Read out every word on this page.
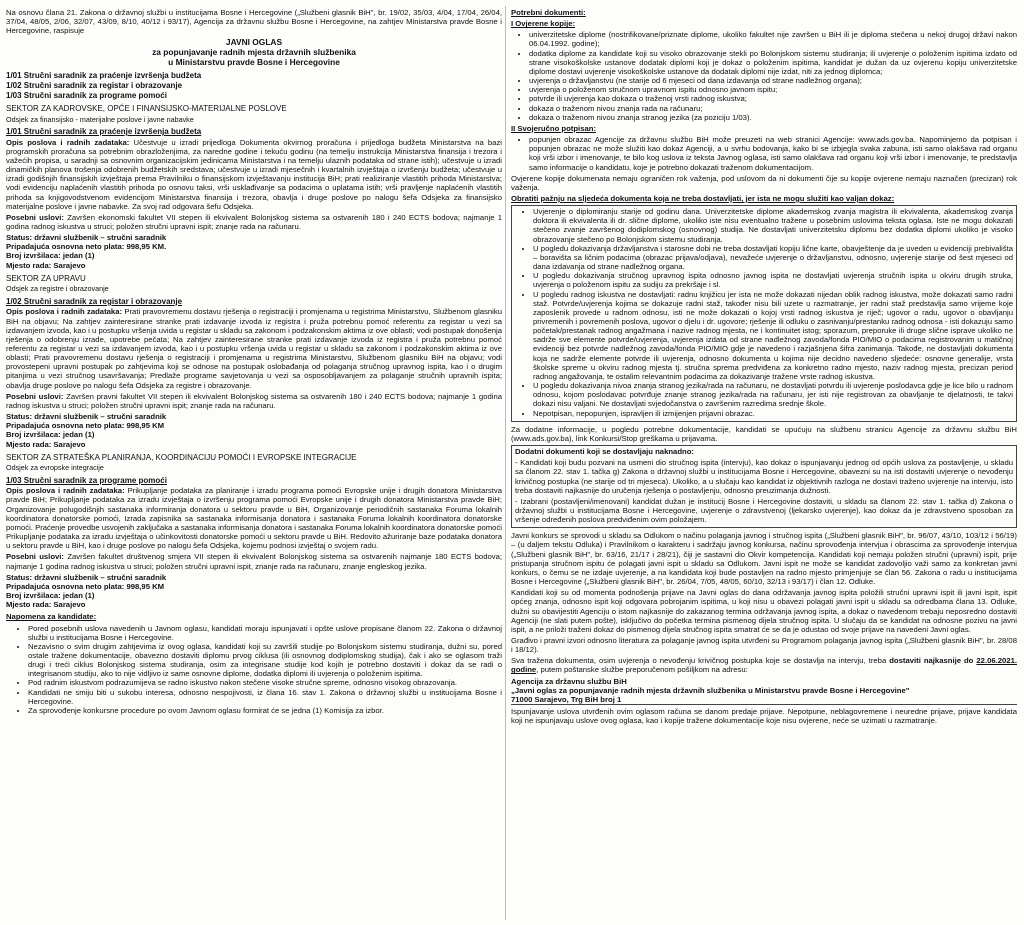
Na osnovu člana 21. Zakona o državnoj službi u institucijama Bosne i Hercegovine („Službeni glasnik BiH", br. 19/02, 35/03, 4/04, 17/04, 26/04, 37/04, 48/05, 2/06, 32/07, 43/09, 8/10, 40/12 i 93/17), Agencija za državnu službu Bosne i Hercegovine, na zahtjev Ministarstva pravde Bosne i Hercegovine, raspisuje

JAVNI OGLAS
za popunjavanje radnih mjesta državnih službenika
u Ministarstvu pravde Bosne i Hercegovine

1/01 Stručni saradnik za praćenje izvršenja budžeta

1/02 Stručni saradnik za registar i obrazovanje

1/03 Stručni saradnik za programe pomoći

SEKTOR ZA KADROVSKE, OPĆE I FINANSIJSKO-MATERIJALNE POSLOVE

Odsjek za finansijsko - materijalne poslove i javne nabavke

1/01 Stručni saradnik za praćenje izvršenja budžeta

Opis poslova i radnih zadataka: Učestvuje u izradi prijedloga Dokumenta okvirnog proračuna i prijedloga budžeta Ministarstva na bazi programskih proračuna sa potrebnim obrazloženjima, za naredne godine i tekuću godinu (na temelju instrukcija Ministarstva finansija i trezora i važećih propisa, u saradnji sa osnovnim organizacijskim jedinicama Ministarstva i na temelju ulaznih podataka od strane istih); učestvuje u izradi dinamičkih planova trošenja odobrenih budžetskih sredstava; učestvuje u izradi mjesečnih i kvartalnih izvještaja o izvršenju budžeta; učestvuje u izradi godišnjih finansijskih izvještaja prema Pravilniku o finansijskom izvještavanju institucija BiH; prati realiziranje vlastitih prihoda Ministarstva; vodi evidenciju naplaćenih vlastitih prihoda po osnovu taksi, vrši usklađivanje sa podacima o uplatama istih; vrši pravljenje naplaćenih vlastitih prihoda sa knjigovodstvenom evidencijom Ministarstva finansija i trezora, obavlja i druge poslove po nalogu šefa Odsjeka za finansijsko materijalne poslove i javne nabavke. Za svoj rad odgovara šefu Odsjeka.

Posebni uslovi: Završen ekonomski fakultet VII stepen ili ekvivalent Bolonjskog sistema sa ostvarenih 180 i 240 ECTS bodova; najmanje 1 godina radnog iskustva u struci; položen stručni upravni ispit; znanje rada na računaru.

Status: državni službenik – stručni saradnik

Pripadajuća osnovna neto plata: 998,95 KM.

Broj izvršilaca: jedan (1)

Mjesto rada: Sarajevo

SEKTOR ZA UPRAVU

Odsjek za registre i obrazovanje

1/02 Stručni saradnik za registar i obrazovanje

Opis poslova i radnih zadataka: Prati pravovremenu dostavu rješenja o registraciji i promjenama u registrima Ministarstvu, Službenom glasniku BiH na objavu; Na zahtjev zainteresirane stranke prati izdavanje izvoda iz registra i pruža potrebnu pomoć referentu za registar u vezi sa izdavanjem izvoda, kao i u postupku vršenja uvida u registar u skladu sa zakonom i podzakonskim aktima iz ove oblasti; vodi postupak donošenja rješenja o odobrenju izrade, upotrebe pečata; Na zahtjev zainteresirane stranke prati izdavanje izvoda iz registra i pruža potrebnu pomoć referentu za registar u vezi sa izdavanjem izvoda, kao i u postupku vršenja uvida u registar u skladu sa zakonom i podzakonskim aktima iz ove oblasti; Prati pravovremenu dostavu rješenja o registraciji i promjenama u registrima Ministarstvu, Službenom glasniku BiH na objavu; vodi provostepeni upravni postupak po zahtjevima koji se odnose na postupak oslobađanja od polaganja stručnog upravnog ispita, kao i o drugim pitanjima u vezi stručnog usavršavanja; Predlaže programe savjetovanja u vezi sa osposobljavanjem za polaganje stručnih upravnih ispita; obavlja druge poslove po nalogu šefa Odsjeka za registre i obrazovanje.

Posebni uslovi: Završen pravni fakultet VII stepen ili ekvivalent Bolonjskog sistema sa ostvarenih 180 i 240 ECTS bodova; najmanje 1 godina radnog iskustva u struci; položen stručni upravni ispit; znanje rada na računaru.

Status: državni službenik – stručni saradnik

Pripadajuća osnovna neto plata: 998,95 KM

Broj izvršilaca: jedan (1)

Mjesto rada: Sarajevo

SEKTOR ZA STRATEŠKA PLANIRANJA, KOORDINACIJU POMOĆI I EVROPSKE INTEGRACIJE

Odsjek za evropske integracije

1/03 Stručni saradnik za programe pomoći

Opis poslova i radnih zadataka: Prikupljanje podataka za planiranje i izradu programa pomoći Evropske unije i drugih donatora Ministarstva pravde BiH; Prikupljanje podataka za izradu izvještaja o izvršenju programa pomoći Evropske unije i drugih donatora Ministarstva pravde BiH; Organizovanje polugodišnjih sastanaka informiranja donatora u sektoru pravde u BiH, Organizovanje periodičnih sastanaka Foruma lokalnih koordinatora donatorske pomoći, Izrada zapisnika sa sastanaka informisanja donatora i sastanaka Foruma lokalnih koordinatora donatorske pomoći. Praćenje provedbe usvojenih zaključaka a sastanaka informisanja donatora i sastanaka Foruma lokalnih koordinatora donatorske pomoći Prikupljanje podataka za izradu izvještaja o učinkovitosti donatorske pomoći u sektoru pravde u BiH. Redovito ažuriranje baze podataka donatora u sektoru pravde u BiH, kao i druge poslove po nalogu šefa Odsjeka, kojemu podnosi izvještaj o svojem radu.

Posebni uslovi: Završen fakultet društvenog smjera VII stepen ili ekvivalent Bolonjskog sistema sa ostvarenih najmanje 180 ECTS bodova; najmanje 1 godina radnog iskustva u struci; položen stručni upravni ispit, znanje rada na računaru, znanje engleskog jezika.

Status: državni službenik – stručni saradnik

Pripadajuća osnovna neto plata: 998,95 KM

Broj izvršilaca: jedan (1)

Mjesto rada: Sarajevo

Napomena za kandidate:

• Pored posebnih uslova navedenih u Javnom oglasu, kandidati moraju ispunjavati i opšte uslove propisane članom 22. Zakona o državnoj službi u institucijama Bosne i Hercegovine.
• Nezavisno o svim drugim zahtjevima iz ovog oglasa, kandidati koji su završili studije po Bolonjskom sistemu studiranja, dužni su, pored ostale tražene dokumentacije, obavezno dostaviti diplomu prvog ciklusa (ili osnovnog dodiplomskog studija), čak i ako se oglasom traži drugi i treći ciklus Bolonjskog sistema studiranja, osim za integrisane studije kod kojih je potrebno dostaviti i dokaz da se radi o integrisanom studiju, ako to nije vidljivo iz same osnovne diplome, dodatka diplomi ili uvjerenja o položenim ispitima.
• Pod radnim iskustvom podrazumijeva se radno iskustvo nakon stečene visoke stručne spreme, odnosno visokog obrazovanja.
• Kandidati ne smiju biti u sukobu interesa, odnosno nespojivosti, iz člana 16. stav 1. Zakona o državnoj službi u institucijama Bosne i Hercegovine.
• Za sprovođenje konkursne procedure po ovom Javnom oglasu formirat će se jedna (1) Komisija za izbor.

Potrebni dokumenti:

I Ovjerene kopije:

• univerzitetske diplome (nostrifikovane/priznate diplome, ukoliko fakultet nije završen u BiH ili je diploma stečena u nekoj drugoj državi nakon 06.04.1992. godine);
• dodatka diplome za kandidate koji su visoko obrazovanje stekli po Bolonjskom sistemu studiranja; ili uvjerenje o položenim ispitima izdato od strane visokoškolske ustanove dodatak diplomi koji je dokaz o položenim ispitima, kandidat je dužan da uz ovjerenu kopiju univerzitetske diplome dostavi uvjerenje visokoškolske ustanove da dodatak diplomi nije izdat, niti za jednog diplomca;
• uvjerenja o državljanstvu (ne starije od 6 mjeseci od dana izdavanja od strane nadležnog organa);
• uvjerenja o položenom stručnom upravnom ispitu odnosno javnom ispitu;
• potvrde ili uvjerenja kao dokaza o traženoj vrsti radnog iskustva;
• dokaza o traženom nivou znanja rada na računaru;
• dokaza o traženom nivou znanja stranog jezika (za poziciju 1/03).

II Svojeručno potpisan:

• popunjen obrazac Agencije za državnu službu BiH može preuzeti na web stranici Agencije: www.ads.gov.ba. Napominjemo da potpisan i popunjen obrazac ne može služiti kao dokaz Agenciji, a u svrhu bodovanja, kako bi se izbjegla svaka zabuna, isti samo olakšava rad organu koji vrši izbor i imenovanje, te bilo kog uslova iz teksta Javnog oglasa, isti samo olakšava rad organu koji vrši izbor i imenovanje, te predstavlja samo informacije o kandidatu, koje je potrebno dokazati traženom dokumentacijom.

Ovjerene kopije dokumenata nemaju ograničen rok važenja, pod uslovom da ni dokumenti čije su kopije ovjerene nemaju naznačen (precizan) rok važenja.

Obratiti pažnju na sljedeća dokumenta koja ne treba dostavljati, jer ista ne mogu služiti kao valjan dokaz:

• Uvjerenje o diplomiranju starije od godinu dana. Univerzitetske diplome akademskog zvanja magistra ili ekvivalenta, akademskog zvanja doktora ili ekvivalenta ili dr. slične diplome, ukoliko iste nisu eventualno tražene u posebnim uslovima teksta oglasa. Iste ne mogu dokazati stečeno zvanje završenog dodiplomskog (osnovnog) studija. Ne dostavljati univerzitetsku diplomu bez dodatka diplomi ukoliko je visoko obrazovanje stečeno po Bolonjskom sistemu studiranja.
• U pogledu dokazivanja državljanstva i starosne dobi ne treba dostavljati kopiju lične karte, obavještenje da je uveden u evidenciji prebivališta – boravišta sa ličnim podacima (obrazac prijava/odjava), nevažeće uvjerenje o državljanstvu, odnosno, uvjerenje starije od šest mjeseci od dana izdavanja od strane nadležnog organa.
• U pogledu dokazivanja stručnog upravnog ispita odnosno javnog ispita ne dostavljati uvjerenja stručnih ispita u okviru drugih struka, uvjerenja o položenom ispitu za sudiju za prekršaje i sl.
• U pogledu radnog iskustva ne dostavljati: radnu knjižicu jer ista ne može dokazati nijedan oblik radnog iskustva, može dokazati samo radni staž. Potvrde/uvjerenja kojima se dokazuje radni staž, također nisu bili uzete u razmatranje, jer radni staž predstavlja samo vrijeme koje zaposlenik provede u radnom odnosu, isti ne može dokazati o kojoj vrsti radnog iskustva je riječ; ugovor o radu, ugovor o obavljanju privremenih i povremenih poslova, ugovor o djelu i dr. ugovore; rješenje ili odluku o zasnivanju/prestanku radnog odnosa - isti dokazuju samo početak/prestanak radnog angažmana i nazive radnog mjesta, ne i kontinuitet istog; sporazum, preporuke ili druge slične isprave ukoliko ne sadrže sve elemente potvrde/uvjerenja, uvjerenja izdata od strane nadležnog zavoda/fonda PIO/MIO o podacima registrovanim u matičnoj evidenciji bez potvrde nadležnog zavoda/fonda PIO/MIO gdje je navedeno i razjašnjena šifra zanimanja. Takođe, ne dostavljati dokumenta koja ne sadrže elemente potvrde ili uvjerenja, odnosno dokumenta u kojima nije decidno navedeno sljedeće: osnovne generalije, vrsta školske spreme u okviru radnog mjesta tj. stručna sprema predviđena za konkretno radno mjesto, naziv radnog mjesta, precizan period radnog angažovanja, te ostalim relevantnim podacima za dokazivanje tražene vrste radnog iskustva.
• U pogledu dokazivanja nivoa znanja stranog jezika/rada na računaru, ne dostavljati potvrdu ili uvjerenje poslodavca gdje je lice bilo u radnom odnosu, kojom poslodavac potvrđuje znanje stranog jezika/rada na računaru, jer isti nije registrovan za obavljanje te djelatnosti, te takvi dokazi nisu valjani. Ne dostavljati svjedočanstva o završenim razredima srednje škole.
• Nepotpisan, nepopunjen, ispravljen ili izmijenjen prijavni obrazac.

Za dodatne informacije, u pogledu potrebne dokumentacije, kandidati se upućuju na službenu stranicu Agencije za državnu službu BiH (www.ads.gov.ba), link Konkursi/Stop greškama u prijavama.

Dodatni dokumenti koji se dostavljaju naknadno:

- Kandidati koji budu pozvani na usmeni dio stručnog ispita (intervju), kao dokaz o ispunjavanju jednog od općih uslova za postavljenje, u skladu sa članom 22. stav 1. tačka g) Zakona o državnoj službi u institucijama Bosne i Hercegovine, obavezni su na isti dostaviti uvjerenje o nevođenju krivičnog postupka (ne starije od tri mjeseca). Ukoliko, a u slučaju kao kandidat iz objektivnih razloga ne dostavi traženo uvjerenje na intervju, isto treba dostaviti najkasnije do uručenja rješenja o postavljenju, odnosno preuzimanja dužnosti.

- Izabrani (postavljeni/imenovani) kandidat dužan je institucij Bosne i Hercegovine dostaviti, u skladu sa članom 22. stav 1. tačka d) Zakona o državnoj službi u institucijama Bosne i Hercegovine, uvjerenje o zdravstvenoj (ljekarsko uvjerenje), kao dokaz da je zdravstveno sposoban za vršenje određenih poslova predviđenim ovim položajem.

Javni konkurs se sprovodi u skladu sa Odlukom o načinu polaganja javnog i stručnog ispita („Službeni glasnik BiH", br. 96/07, 43/10, 103/12 i 56/19) – (u daljem tekstu Odluka) i Pravilnikom o karakteru i sadržaju javnog konkursa, načinu sprovođenja intervjua i obrascima za sprovođenje intervjua („Službeni glasnik BiH", br. 63/16, 21/17 i 28/21), čiji je sastavni dio Okvir kompetencija. Kandidati koji nemaju položen stručni (upravni) ispit, prije pristupanja stručnom ispitu će polagati javni ispit u skladu sa Odlukom. Javni ispit ne može se kandidat zadovoljio važi samo za konkretan javni konkurs, o čemu se ne izdaje uvjerenje, a na kandidata koji bude postavljen na radno mjesto primjenjuje se član 56. Zakona o radu u institucijama Bosne i Hercegovine („Službeni glasnik BiH", br. 26/04, 7/05, 48/05, 60/10, 32/13 i 93/17) i član 12. Odluke.

Kandidati koji su od momenta podnošenja prijave na Javni oglas do dana održavanja javnog ispita položili stručni upravni ispit ili javni ispit, ispit općeg znanja, odnosno ispit koji odgovara pobrojanim ispitima, u koji nisu u obavezi polagati javni ispit u skladu sa odredbama člana 13. Odluke, dužni su obavijestiti Agenciju o istom najkasnije do zakazanog termina održavanja javnog ispita, a dokaz o navedenom trebaju neposredno dostaviti Agenciji (ne slati putem pošte), isključivo do početka termina pismenog dijela stručnog ispita. U slučaju da se kandidat na odnosne pozivu na javni ispit, a ne priloži traženi dokaz do pismenog dijela stručnog ispita smatrat će se da je odustao od svoje prijave na navedeni Javni oglas.

Građivo i pravni izvori odnosno literatura za polaganje javnog ispita utvrđeni su Programom polaganja javnog ispita („Službeni glasnik BiH", br. 28/08 i 18/12).

Sva tražena dokumenta, osim uvjerenja o nevođenju krivičnog postupka koje se dostavlja na intervju, treba dostaviti najkasnije do 22.06.2021. godine, putem poštanske službe preporučenom pošiljkom na adresu:

Agencija za državnu službu BiH
„Javni oglas za popunjavanje radnih mjesta državnih službenika u Ministarstvu pravde Bosne i Hercegovine"
71000 Sarajevo, Trg BiH broj 1

Ispunjavanje uslova utvrđenih ovim oglasom računa se danom predaje prijave. Nepotpune, neblagovremene i neuredne prijave, prijave kandidata koji ne ispunjavaju uslove ovog oglasa, kao i kopije tražene dokumentacije koje nisu ovjerene, neće se uzimati u razmatranje.
